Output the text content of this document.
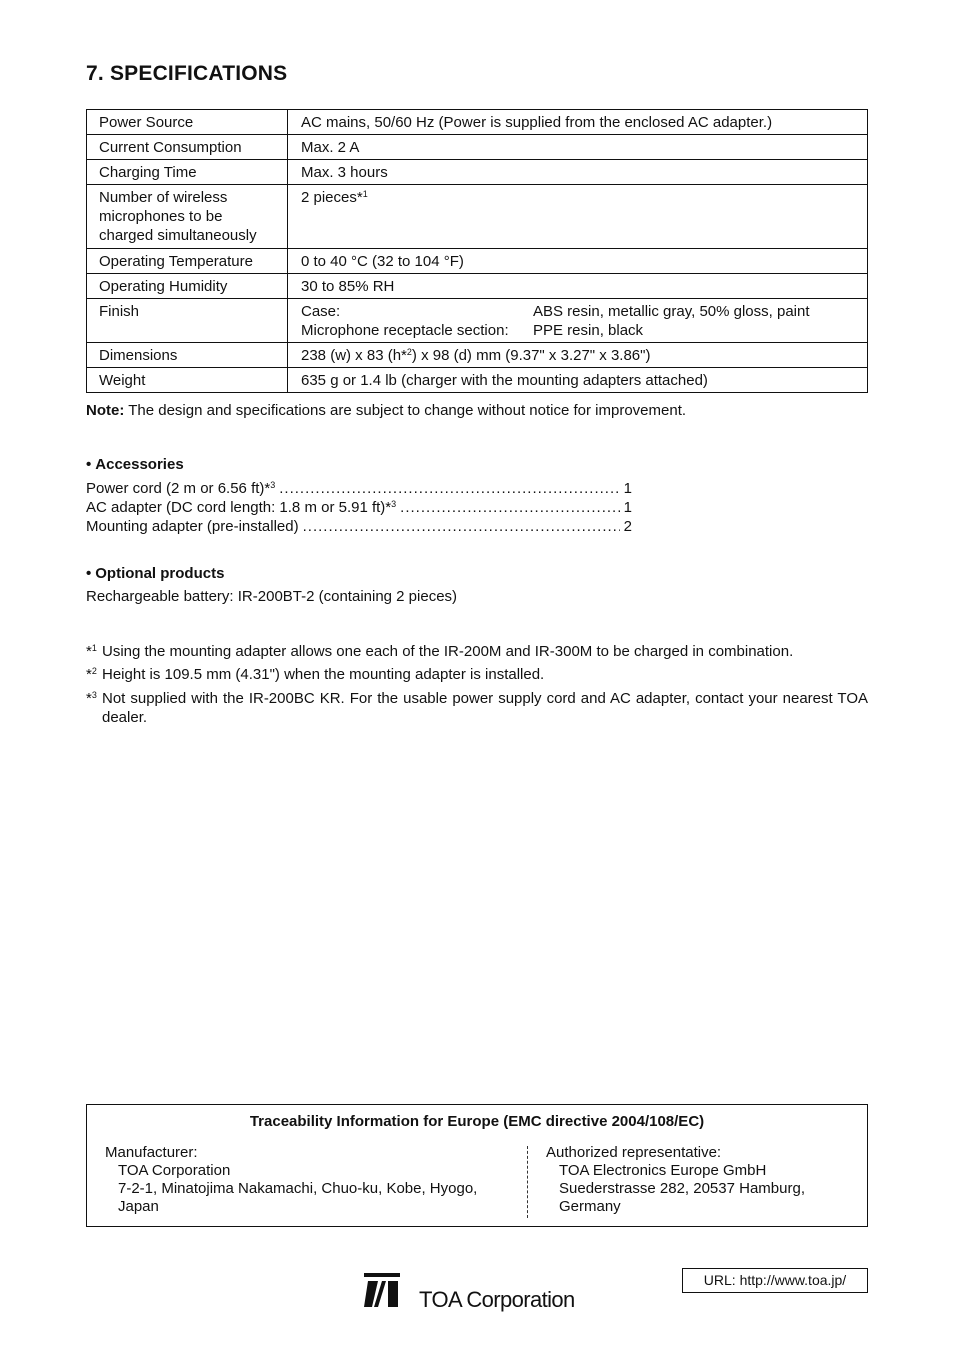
7. SPECIFICATIONS
Power Source	AC mains, 50/60 Hz (Power is supplied from the enclosed AC adapter.)
Current Consumption	Max. 2 A
Charging Time	Max. 3 hours
Number of wireless microphones to be charged simultaneously	2 pieces*$^1$
Operating Temperature	0 to 40 °C (32 to 104 °F)
Operating Humidity	30 to 85% RH
Finish	Case: ABS resin, metallic gray, 50% gloss, paint
Microphone receptacle section: PPE resin, black

Dimensions	238 (w) x 83 (h*$^2$) x 98 (d) mm (9.37" x 3.27" x 3.86")
Weight	635 g or 1.4 lb (charger with the mounting adapters attached)
Note: The design and specifications are subject to change without notice for improvement.
• Accessories
Power cord (2 m or 6.56 ft)*$^3$ .....	1
AC adapter (DC cord length: 1.8 m or 5.91 ft)*$^3$ .....	1
Mounting adapter (pre-installed) .....	2
• Optional products
Rechargeable battery: IR-200BT-2 (containing 2 pieces)
*$^1$ Using the mounting adapter allows one each of the IR-200M and IR-300M to be charged in combination.
*$^2$ Height is 109.5 mm (4.31") when the mounting adapter is installed.
*$^3$ Not supplied with the IR-200BC KR. For the usable power supply cord and AC adapter, contact your nearest TOA dealer.
Traceability Information for Europe (EMC directive 2004/108/EC)
Manufacturer:
TOA Corporation
7-2-1, Minatojima Nakamachi, Chuo-ku, Kobe, Hyogo,
Japan
Authorized representative:
TOA Electronics Europe GmbH
Suederstrasse 282, 20537 Hamburg,
Germany
URL: http://www.toa.jp/
TOA Corporation
